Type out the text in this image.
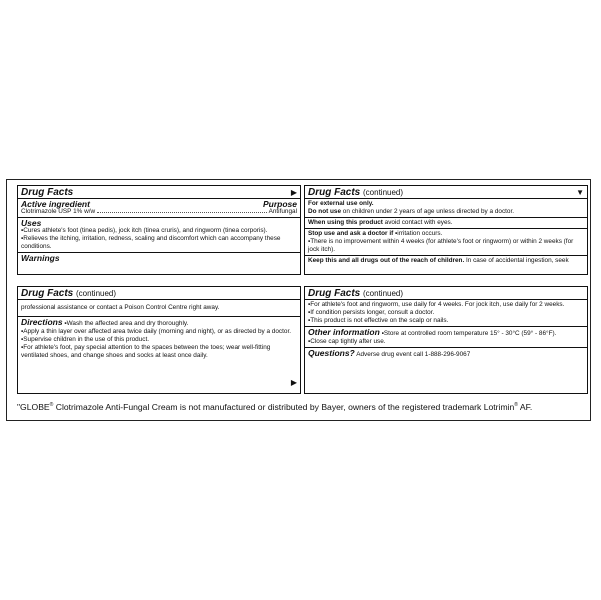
Drug Facts
Active ingredient	Purpose
Clotrimazole USP 1% w/w	Antifungal
Uses
▪ Cures athlete's foot (tinea pedis), jock itch (tinea cruris), and ringworm (tinea corporis).
▪ Relieves the itching, irritation, redness, scaling and discomfort which can accompany these conditions.
Warnings
▶	Drug Facts (continued)
For external use only.
Do not use on children under 2 years of age unless directed by a doctor.
When using this product avoid contact with eyes.
Stop use and ask a doctor if ▪ irritation occurs.
▪ There is no improvement within 4 weeks (for athlete's foot or ringworm) or within 2 weeks (for jock itch).
Keep this and all drugs out of the reach of children. In case of accidental ingestion, seek
▼
Drug Facts (continued)
professional assistance or contact a Poison Control Centre right away.
Directions ▪ Wash the affected area and dry thoroughly.
▪ Apply a thin layer over affected area twice daily (morning and night), or as directed by a doctor.
▪ Supervise children in the use of this product.
▪ For athlete's foot, pay special attention to the spaces between the toes; wear well-fitting ventilated shoes, and change shoes and socks at least once daily.
▶
Drug Facts (continued)
▪ For athlete's foot and ringworm, use daily for 4 weeks. For jock itch, use daily for 2 weeks.
▪ If condition persists longer, consult a doctor.
▪ This product is not effective on the scalp or nails.
Other information ▪ Store at controlled room temperature 15° - 30°C (59° - 86°F).
▪ Close cap tightly after use.
Questions? Adverse drug event call 1-888-296-9067
"GLOBE® Clotrimazole Anti-Fungal Cream is not manufactured or distributed by Bayer, owners of the registered trademark Lotrimin® AF.
